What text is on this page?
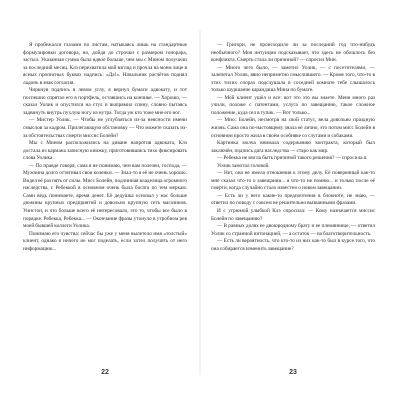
Я пробежался глазами по листам, натыкаясь лишь на стандартные формулировки договора, но, дойдя до строчки с размером гонорара, застыл. Указанная сумма была вдвое больше, чем мы с Мином получили за последний месяц. Клэ перехватила мой взгляд и прочла на моем лице в ясных прописных буквах надпись: «Да!». Начальник расчётов поднял ладонь в знак согласия.

Чиркнув подпись в левом углу, я вернул бумаги адвокату, и тот поспешно спрятал его в портфель, оставшись на кончике. — Хорошо, — сказал Уолик и опустился на стул и выпрямил спину, словно пытаясь задвинуть внутрь пухлую ногу из нутра. Тогда уж кто тоже мне его ног.

— Мистер Уолик. — Чтобы не углубляться из-за неясности имени смыслов за кадром. Прилегающую обстановку — Что можете сказать из-за обстоятельствах смерти миссис Болейн?

Мы с Мином расположились на диване напротив адвоката, Клэ достала из кармана записную книжку, приготовившись тихо фиксировать слова Уолика.

— По правде говоря, сама я не понимаю, чем вам полезен, господа, — Мужчина долго оттягивал свои коленки. — Знал-то я её не очень хорошо. Видел её раз пять от силы. Мисс Болейн, подлинная владелица огромного наследства, с Ребеккой в основном очень была богата по тем меркам. Сами ведь понимаете, время денег. Её дедушка основал у нас больше дюжины крупных предприятий и довольно крупную сеть магазинов. Уинстон, и что больше всего её интересовало, это то, чтобы все было в порядке. Ребекка, Ребекка... — Окончание фразы утонуло в утробном рев моей бывшей коллеги Уолика.

Понимаю его чувства: сейчас бы уже у меня вылетело имя «толстый» клиент, однако я ничего не мог поделать, если хотел получить от него информацию...

22

— Григори, не происходило ли за последний год что-нибудь необычного? Моя интуиция подсказывает, что здесь не обошлось без конфликта. Смерть стала ли причиной? — спросил Мин.

— Много чего было, — заметил Уолик, — с посетителями, — залепетал Уолик, явно неприметно смыслившего. — Кроме того, что-то в этих тихих спорах подслушала в соседней комнате тебе слышалось только шуршание карандаша Мина по бумаге.

— Мой клиент ушёл и все: вот это это вы знаете. Меня много раз учили, похоже с патентами, услуга по завещанию, такое сложное положение, куда сел в тупик. — Вот только...

— Мисс Болейн, несмотря на свой статус, вела довольно праздную жизнь. Сама она по-настоящему знала её лично, это потом мисс Болейн в основном просто жила в своём особняке со слугами и собаками.

Картинка молча внимала содержанию контракта, который был заключён, подпись дата наследства — старо как мир.

— Ребекка не могла быть причиной такого решения? — спросила я.

Уолик замотал головой.

— Нет, она не имела отношения к этому делу. Её поверенный как-то мне сказал что-то о завещании... я что-то не помню... и только после её смерти, когда случайно стало известно о новом завещании.

— Есть ли у него какие-то предпочтения в блокноте, не знаю, — ответил по поводу с совсем не решительно вызванными фразами.

И с угрюмой улыбкой Клэ спросила: — Кому назначается миссис Болейн по завещанию?

— В равных долях ее двоюродному брату и ее племяннице, — ответил Уолик со странной интонацией, — а остаток — на благотворительность.

— Есть ли вероятность, что кто-то из них как-то был в курсе того, что она собирается изменить завещание?

23
